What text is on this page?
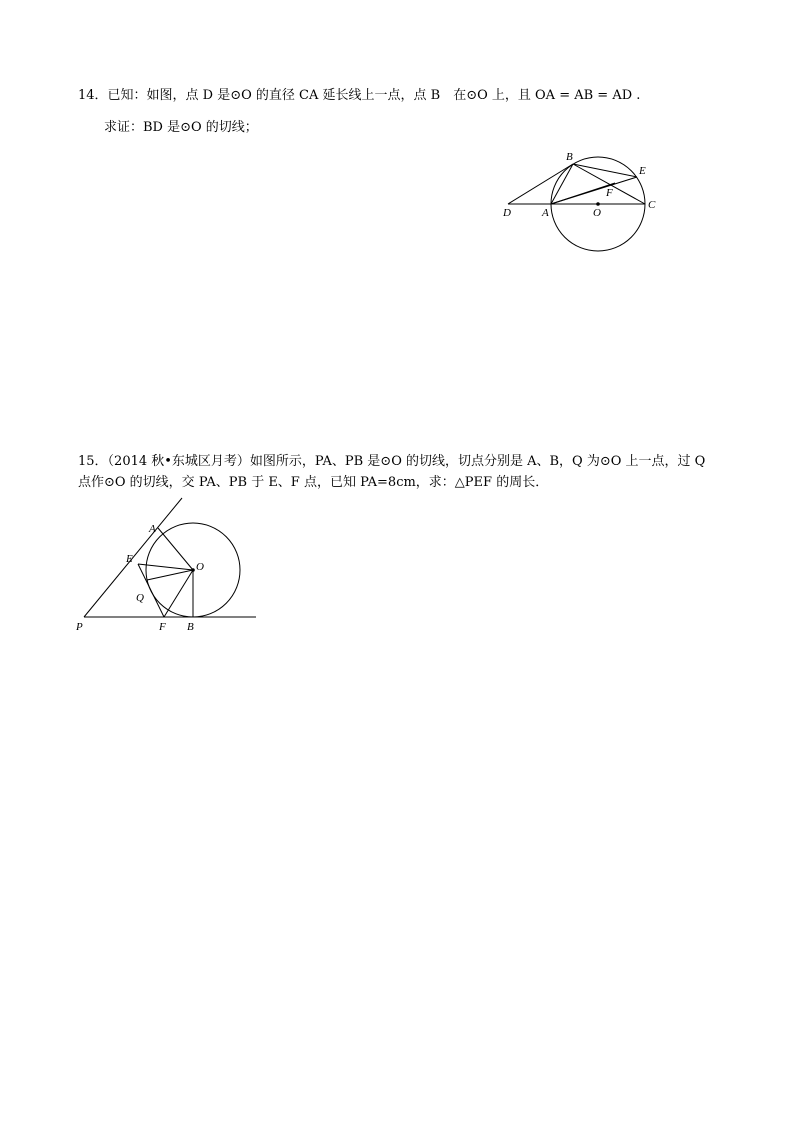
14．已知：如图，点 D 是⊙O 的直径 CA 延长线上一点，点 B　在⊙O 上，且 OA = AB = AD .
求证：BD 是⊙O 的切线；
B
E
F
D	A	O
C
15．（2014 秋•东城区月考）如图所示，PA、PB 是⊙O 的切线，切点分别是 A、B，Q 为⊙O 上一点，过 Q
点作⊙O 的切线，交 PA、PB 于 E、F 点，已知 PA=8cm，求：△PEF 的周长．
A
E
O
Q
P	F B
